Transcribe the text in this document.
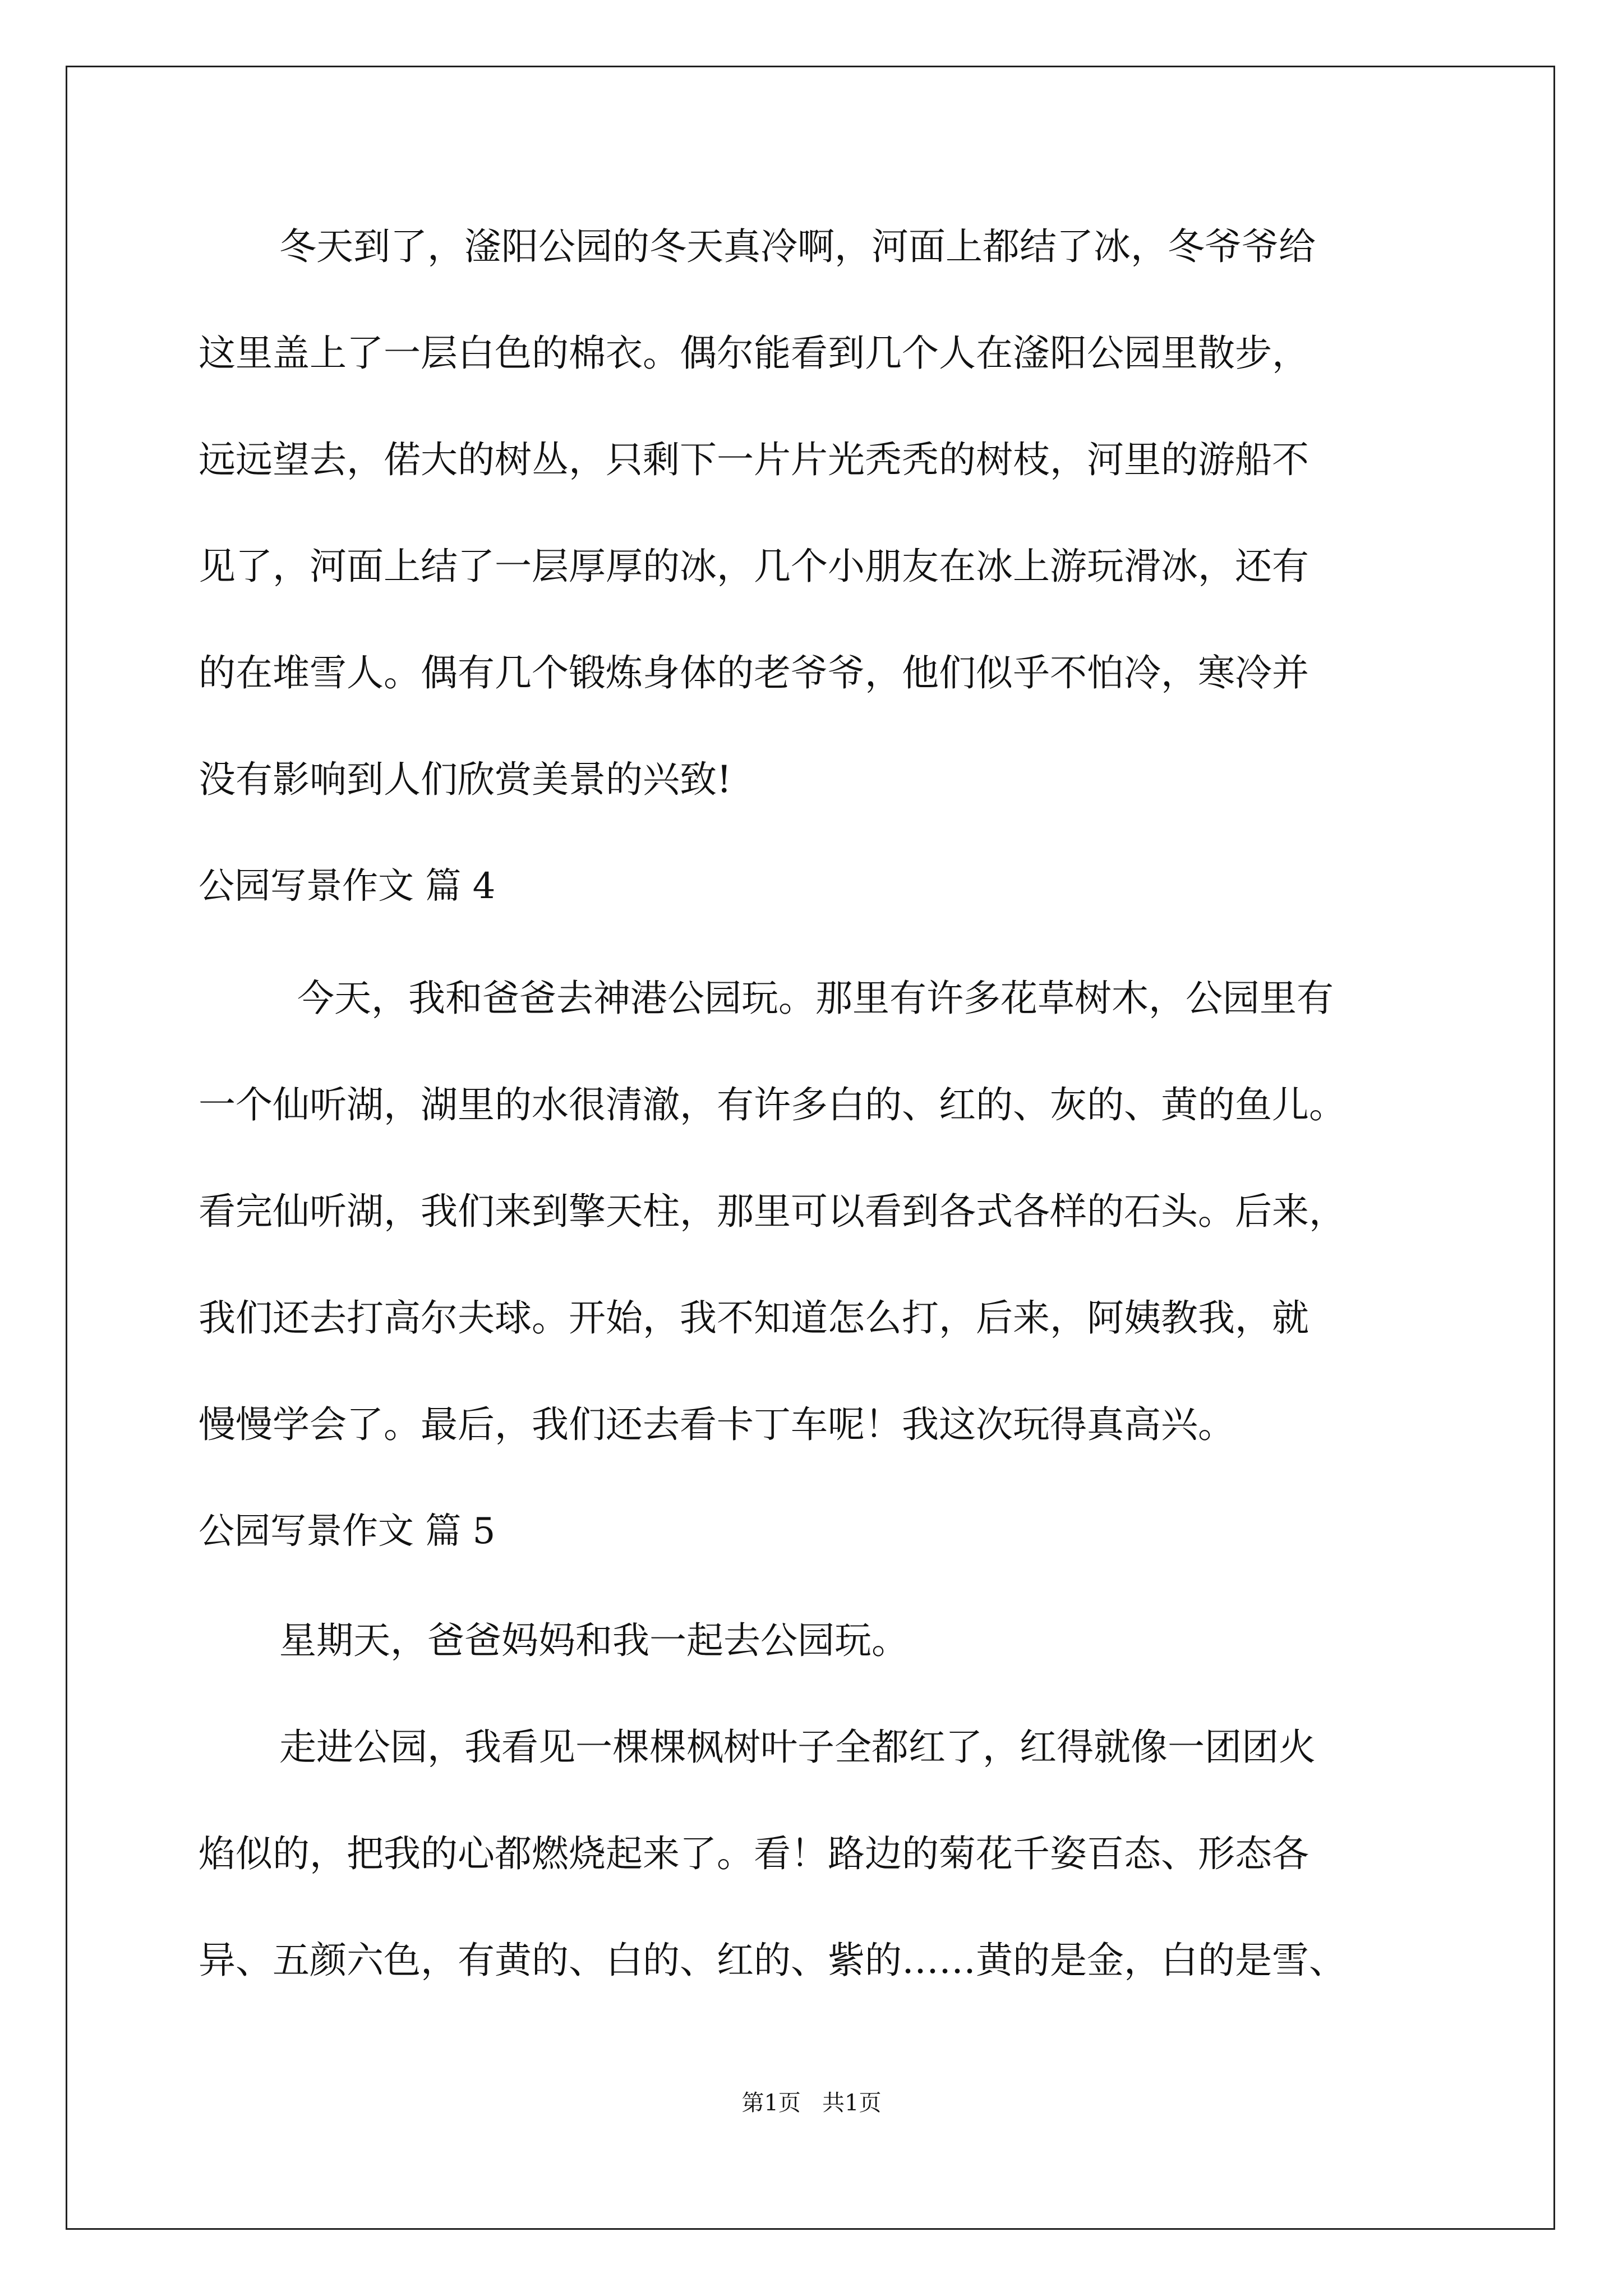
冬天到了，滏阳公园的冬天真冷啊，河面上都结了冰，冬爷爷给
这里盖上了一层白色的棉衣。偶尔能看到几个人在滏阳公园里散步，
远远望去，偌大的树丛，只剩下一片片光秃秃的树枝，河里的游船不
见了，河面上结了一层厚厚的冰，几个小朋友在冰上游玩滑冰，还有
的在堆雪人。偶有几个锻炼身体的老爷爷，他们似乎不怕冷，寒冷并
没有影响到人们欣赏美景的兴致!
公园写景作文 篇 4
今天，我和爸爸去神港公园玩。那里有许多花草树木，公园里有
一个仙听湖，湖里的水很清澈，有许多白的、红的、灰的、黄的鱼儿。
看完仙听湖，我们来到擎天柱，那里可以看到各式各样的石头。后来，
我们还去打高尔夫球。开始，我不知道怎么打，后来，阿姨教我，就
慢慢学会了。最后，我们还去看卡丁车呢！我这次玩得真高兴。
公园写景作文 篇 5
星期天，爸爸妈妈和我一起去公园玩。
走进公园，我看见一棵棵枫树叶子全都红了，红得就像一团团火
焰似的，把我的心都燃烧起来了。看！路边的菊花千姿百态、形态各
异、五颜六色，有黄的、白的、红的、紫的……黄的是金，白的是雪、
第1页   共1页
